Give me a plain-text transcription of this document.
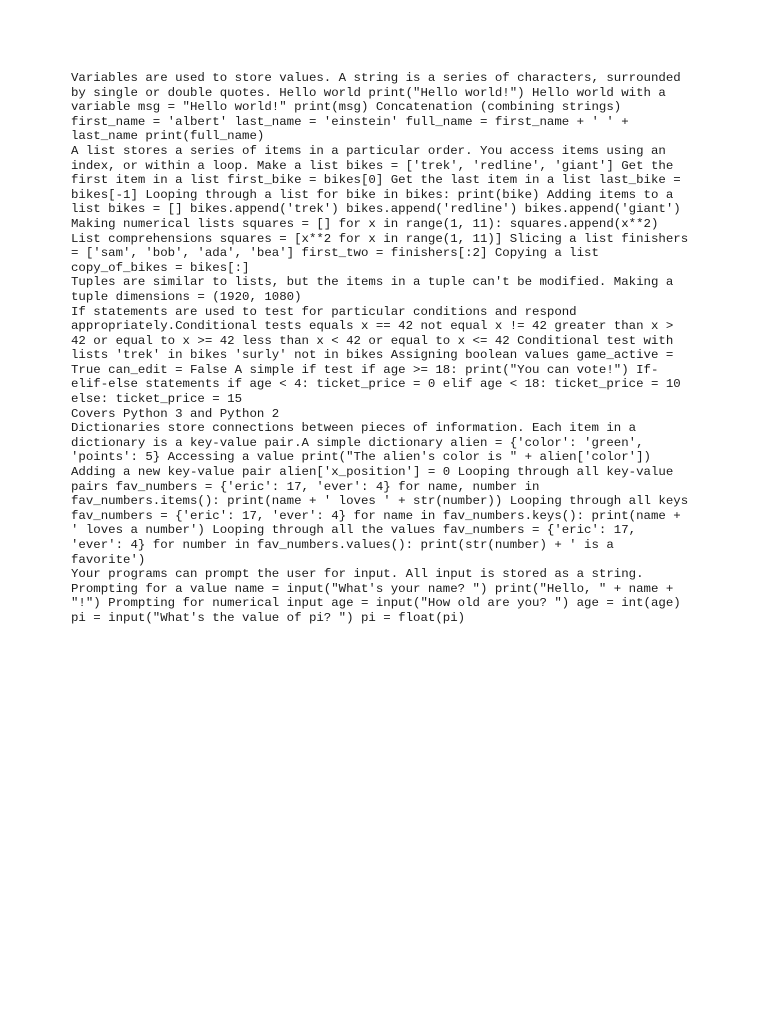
Variables are used to store values. A string is a series of characters, surrounded
by single or double quotes. Hello world print("Hello world!") Hello world with a
variable msg = "Hello world!" print(msg) Concatenation (combining strings)
first_name = 'albert' last_name = 'einstein' full_name = first_name + ' ' +
last_name print(full_name)

A list stores a series of items in a particular order. You access items using an
index, or within a loop. Make a list bikes = ['trek', 'redline', 'giant'] Get the
first item in a list first_bike = bikes[0] Get the last item in a list last_bike =
bikes[-1] Looping through a list for bike in bikes: print(bike) Adding items to a
list bikes = [] bikes.append('trek') bikes.append('redline') bikes.append('giant')
Making numerical lists squares = [] for x in range(1, 11): squares.append(x**2)
List comprehensions squares = [x**2 for x in range(1, 11)] Slicing a list finishers
= ['sam', 'bob', 'ada', 'bea'] first_two = finishers[:2] Copying a list
copy_of_bikes = bikes[:]

Tuples are similar to lists, but the items in a tuple can't be modified. Making a
tuple dimensions = (1920, 1080)

If statements are used to test for particular conditions and respond
appropriately.Conditional tests equals x == 42 not equal x != 42 greater than x >
42 or equal to x >= 42 less than x < 42 or equal to x <= 42 Conditional test with
lists 'trek' in bikes 'surly' not in bikes Assigning boolean values game_active =
True can_edit = False A simple if test if age >= 18: print("You can vote!") If-
elif-else statements if age < 4: ticket_price = 0 elif age < 18: ticket_price = 10
else: ticket_price = 15

Covers Python 3 and Python 2

Dictionaries store connections between pieces of information. Each item in a
dictionary is a key-value pair.A simple dictionary alien = {'color': 'green',
'points': 5} Accessing a value print("The alien's color is " + alien['color'])
Adding a new key-value pair alien['x_position'] = 0 Looping through all key-value
pairs fav_numbers = {'eric': 17, 'ever': 4} for name, number in
fav_numbers.items(): print(name + ' loves ' + str(number)) Looping through all keys
fav_numbers = {'eric': 17, 'ever': 4} for name in fav_numbers.keys(): print(name +
' loves a number') Looping through all the values fav_numbers = {'eric': 17,
'ever': 4} for number in fav_numbers.values(): print(str(number) + ' is a
favorite')

Your programs can prompt the user for input. All input is stored as a string.
Prompting for a value name = input("What's your name? ") print("Hello, " + name +
"!") Prompting for numerical input age = input("How old are you? ") age = int(age)
pi = input("What's the value of pi? ") pi = float(pi)
